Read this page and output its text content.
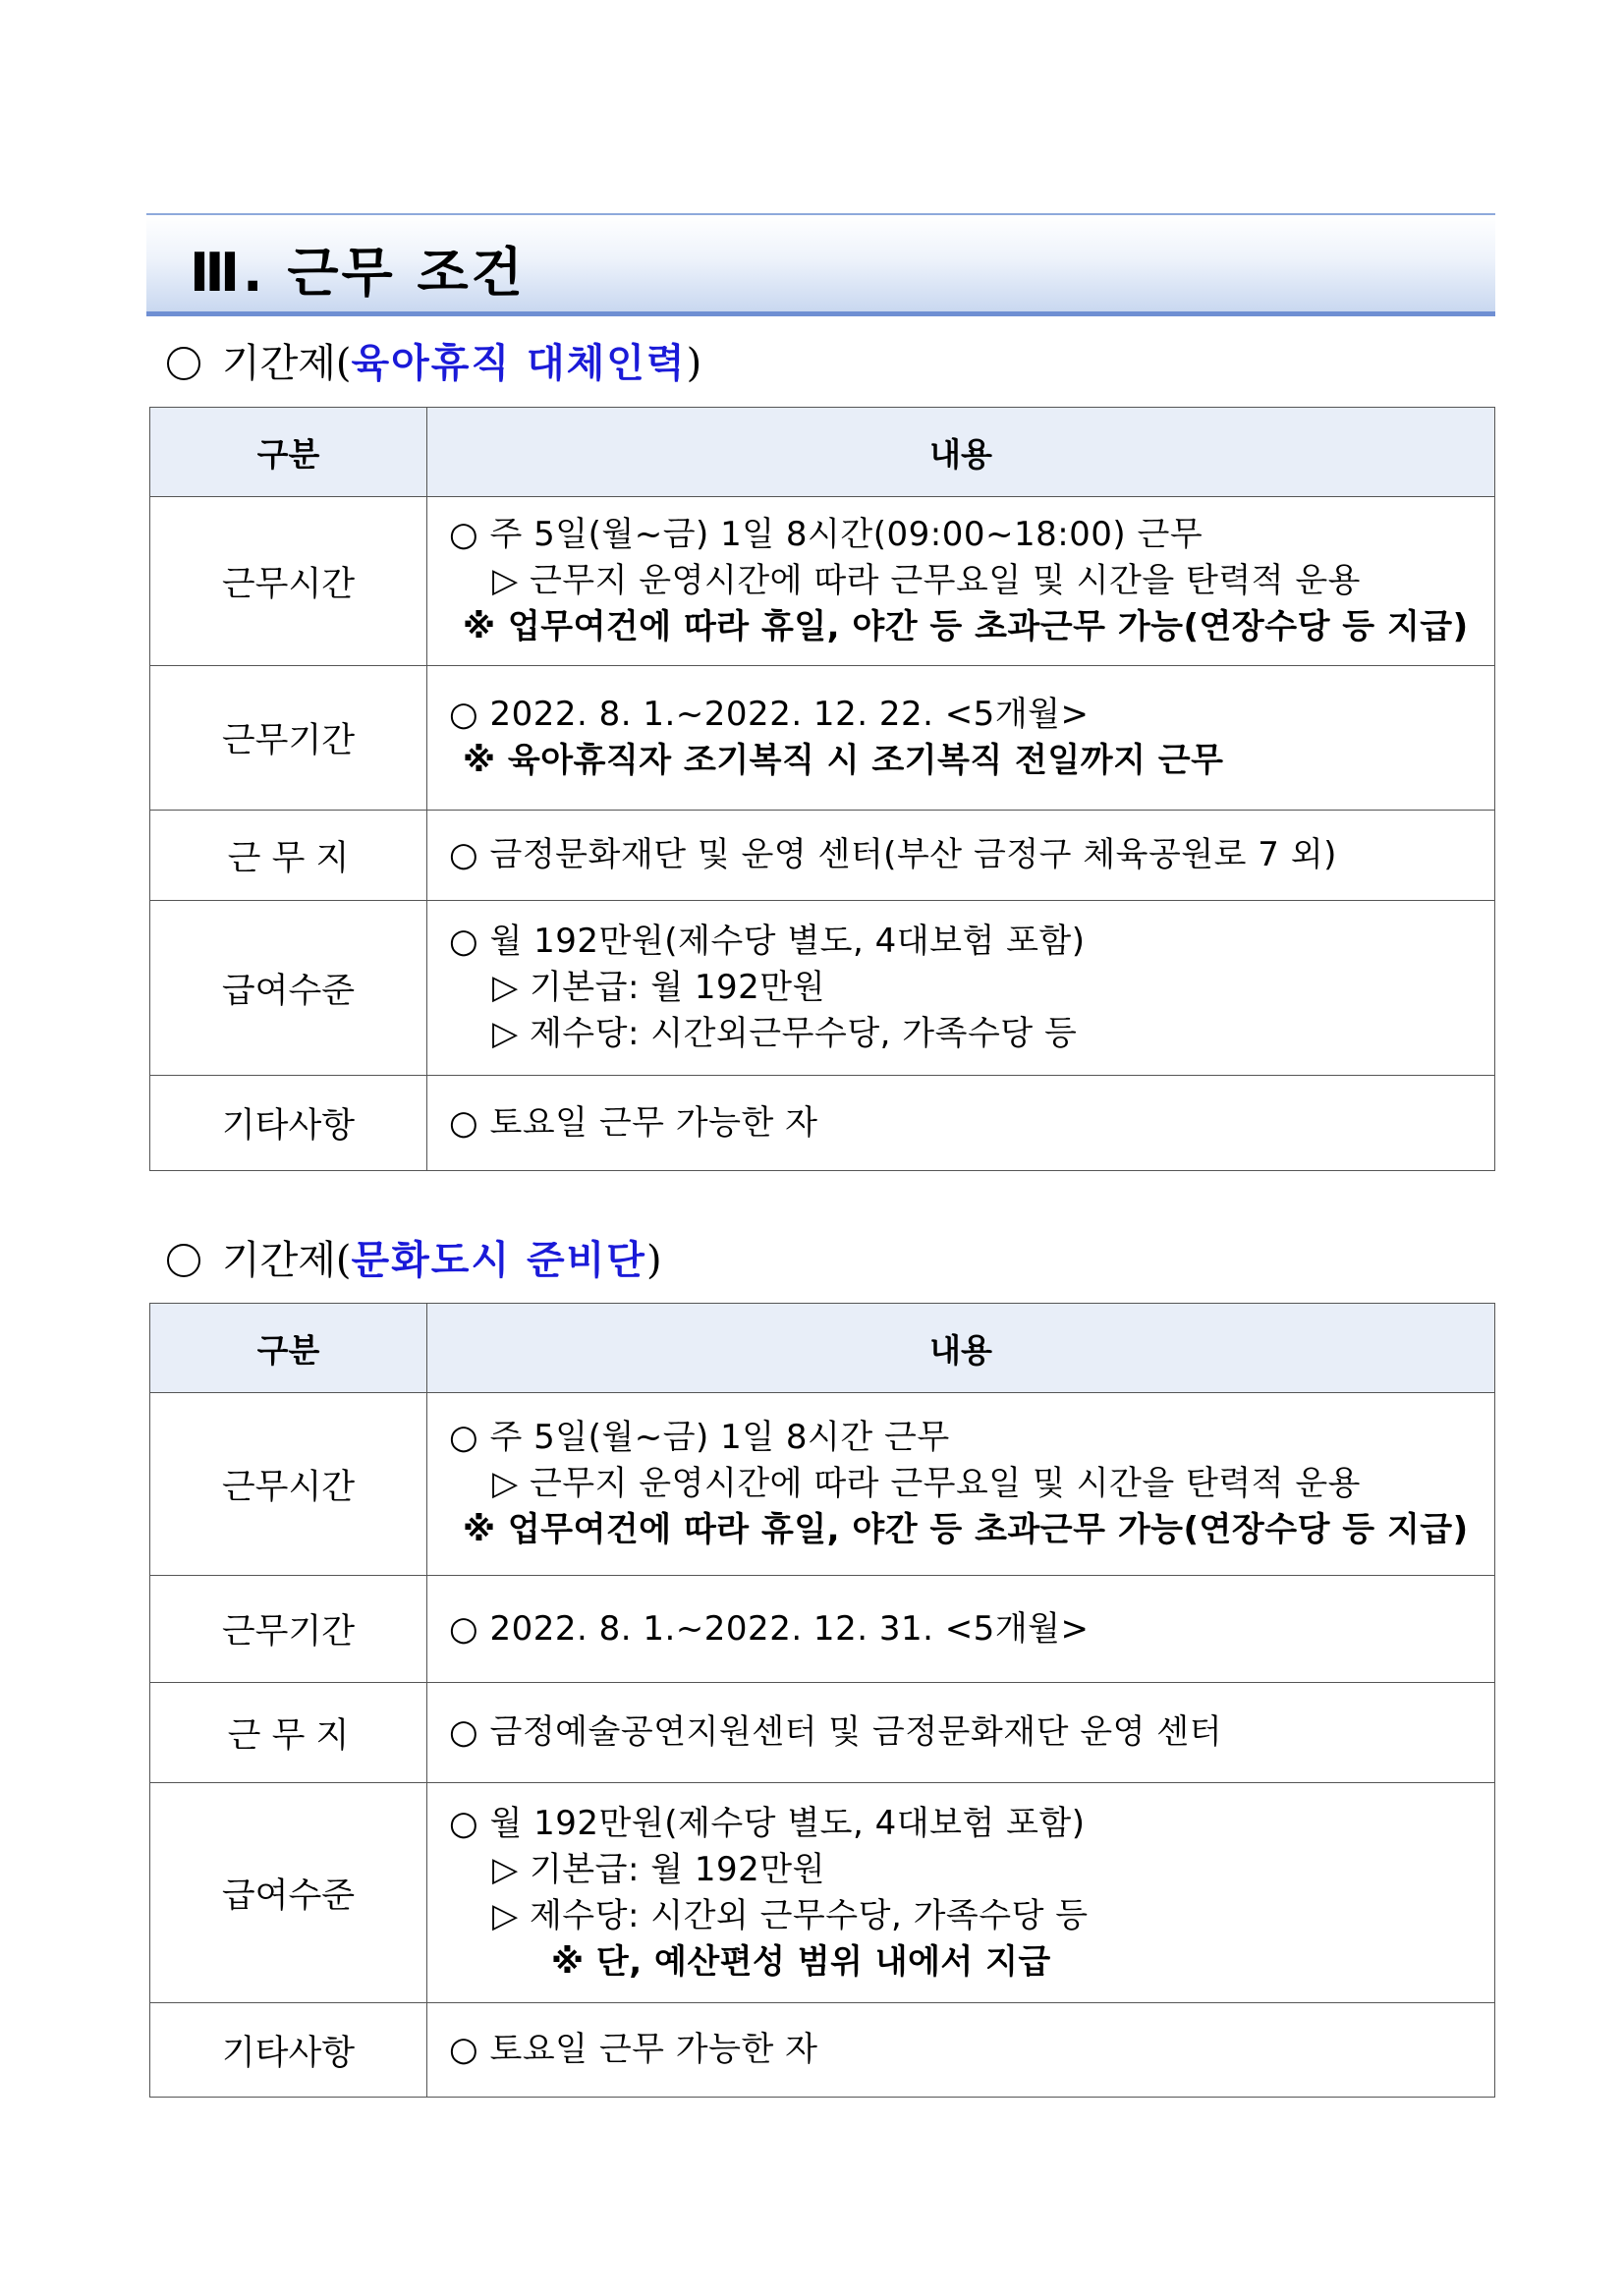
Ⅲ. 근무 조건
기간제(육아휴직 대체인력)
구분	내용
근무시간	○ 주 5일(월~금) 1일 8시간(09:00~18:00) 근무
▷ 근무지 운영시간에 따라 근무요일 및 시간을 탄력적 운용
※ 업무여건에 따라 휴일, 야간 등 초과근무 가능(연장수당 등 지급)

근무기간	○ 2022. 8. 1.~2022. 12. 22. <5개월>
※ 육아휴직자 조기복직 시 조기복직 전일까지 근무

근 무 지	○ 금정문화재단 및 운영 센터(부산 금정구 체육공원로 7 외)

급여수준	○ 월 192만원(제수당 별도, 4대보험 포함)
▷ 기본급: 월 192만원
▷ 제수당: 시간외근무수당, 가족수당 등

기타사항	○ 토요일 근무 가능한 자
기간제(문화도시 준비단)
구분	내용
근무시간	○ 주 5일(월~금) 1일 8시간 근무
▷ 근무지 운영시간에 따라 근무요일 및 시간을 탄력적 운용
※ 업무여건에 따라 휴일, 야간 등 초과근무 가능(연장수당 등 지급)

근무기간	○ 2022. 8. 1.~2022. 12. 31. <5개월>

근 무 지	○ 금정예술공연지원센터 및 금정문화재단 운영 센터

급여수준	○ 월 192만원(제수당 별도, 4대보험 포함)
▷ 기본급: 월 192만원
▷ 제수당: 시간외 근무수당, 가족수당 등
※ 단, 예산편성 범위 내에서 지급

기타사항	○ 토요일 근무 가능한 자
